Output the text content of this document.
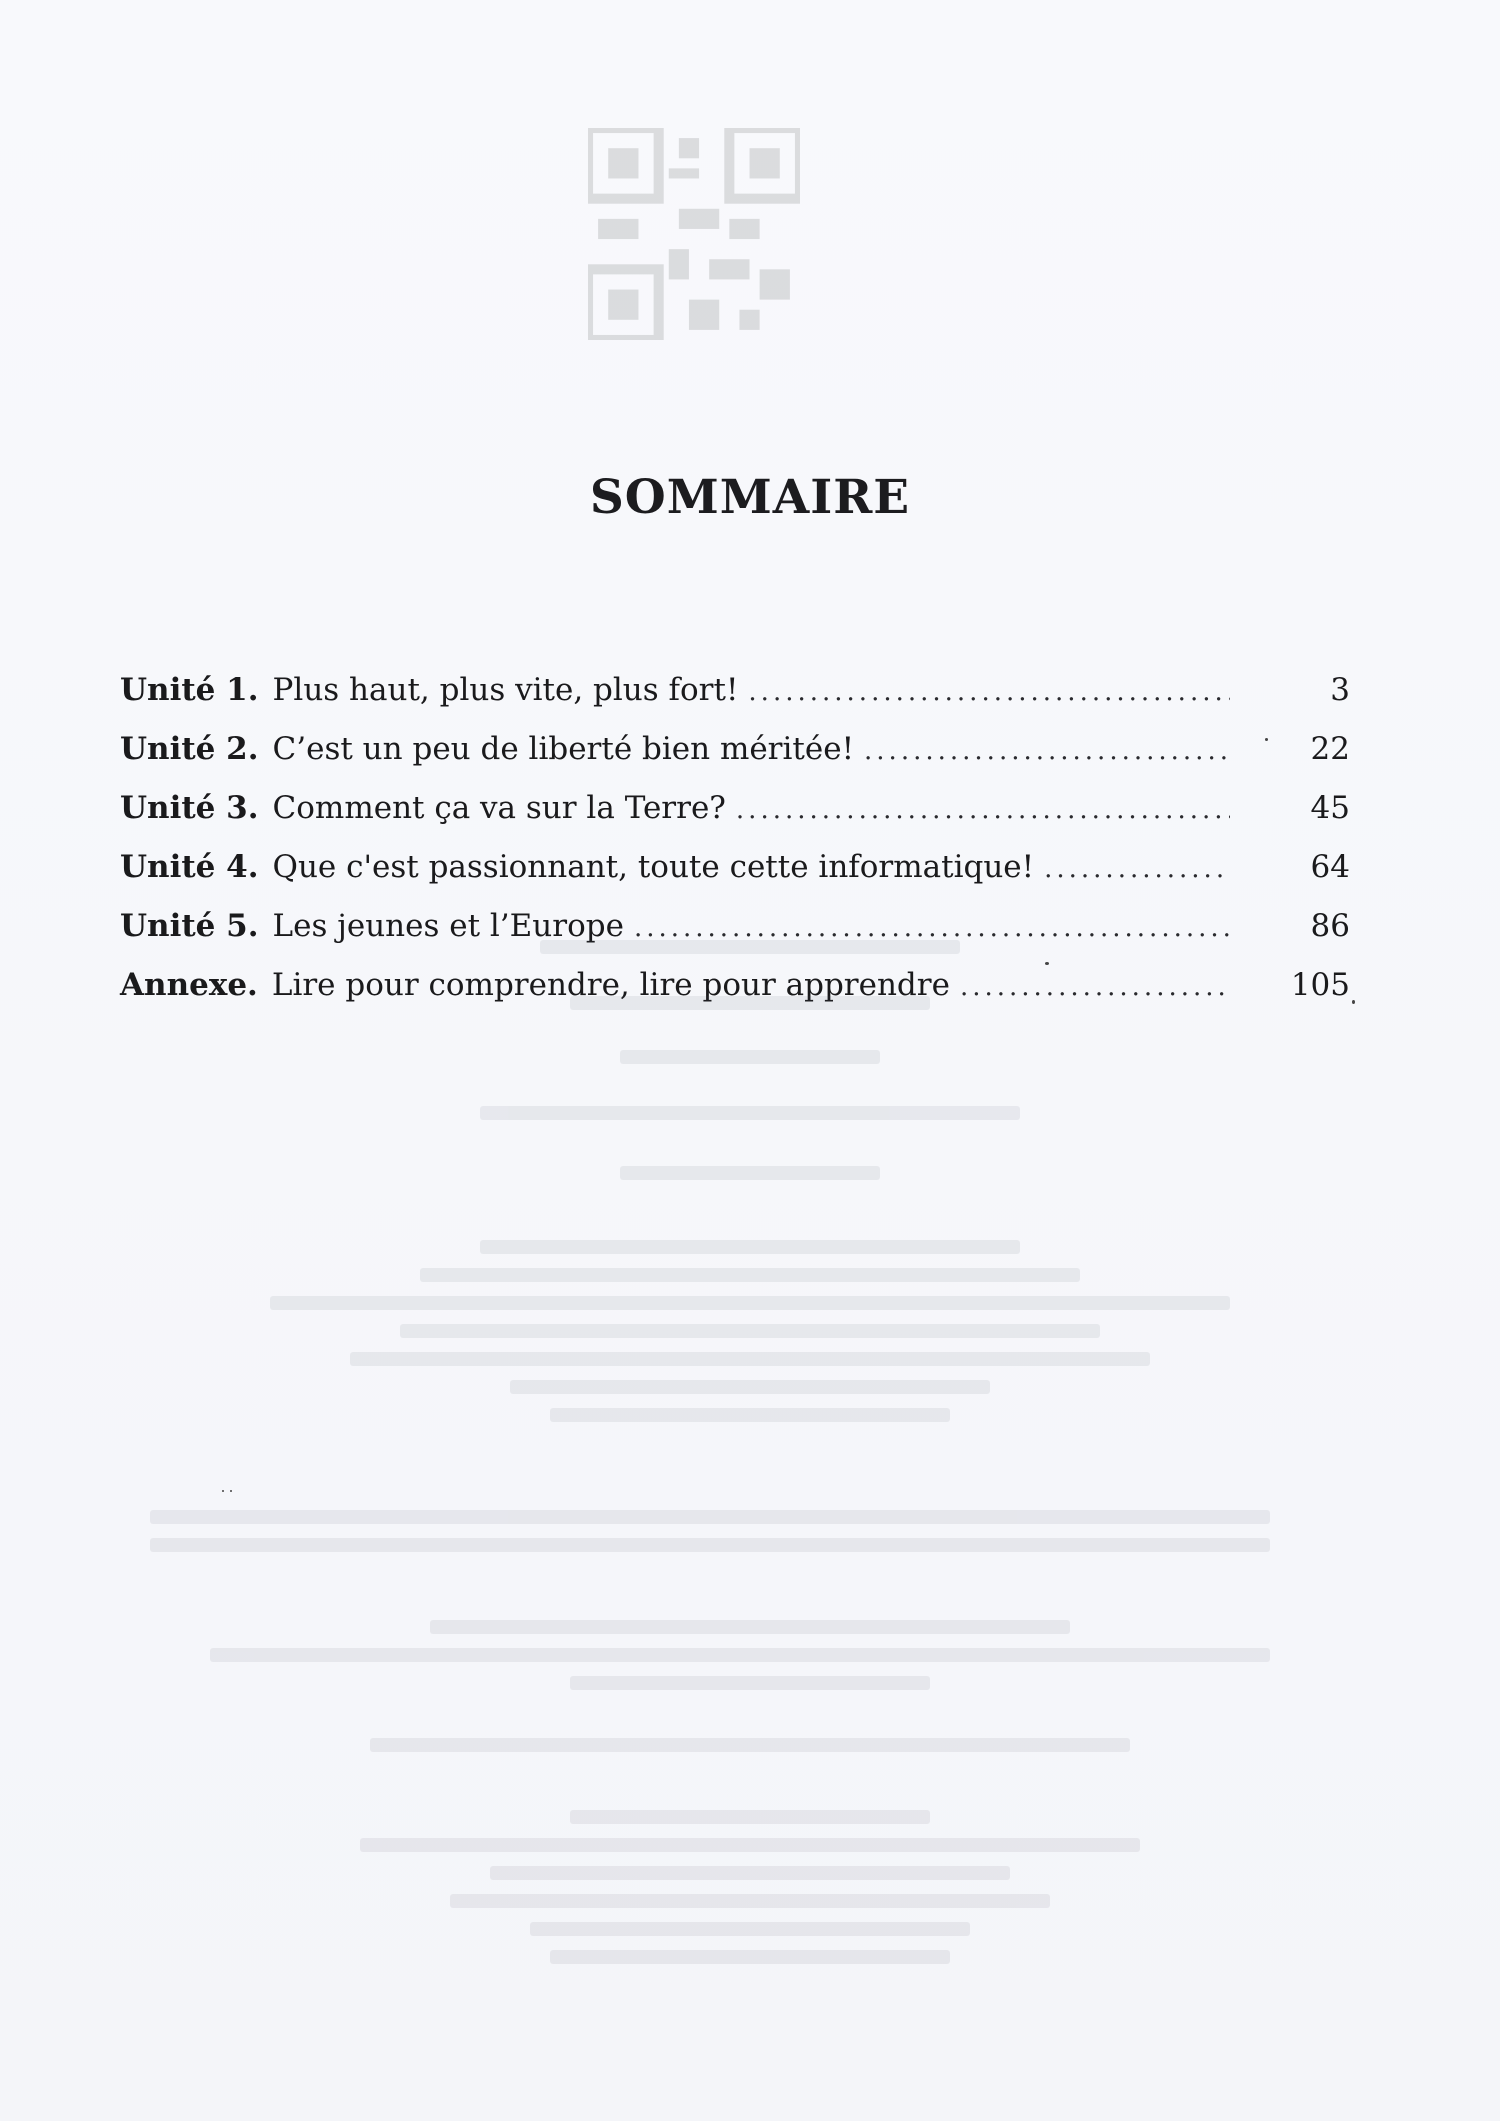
SOMMAIRE
Unité 1. Plus haut, plus vite, plus fort! .....	3
Unité 2. C’est un peu de liberté bien méritée! .....	22
Unité 3. Comment ça va sur la Terre? .....	45
Unité 4. Que c'est passionnant, toute cette informatique! .....	64
Unité 5. Les jeunes et l’Europe .....	86
Annexe. Lire pour comprendre, lire pour apprendre .....	105
